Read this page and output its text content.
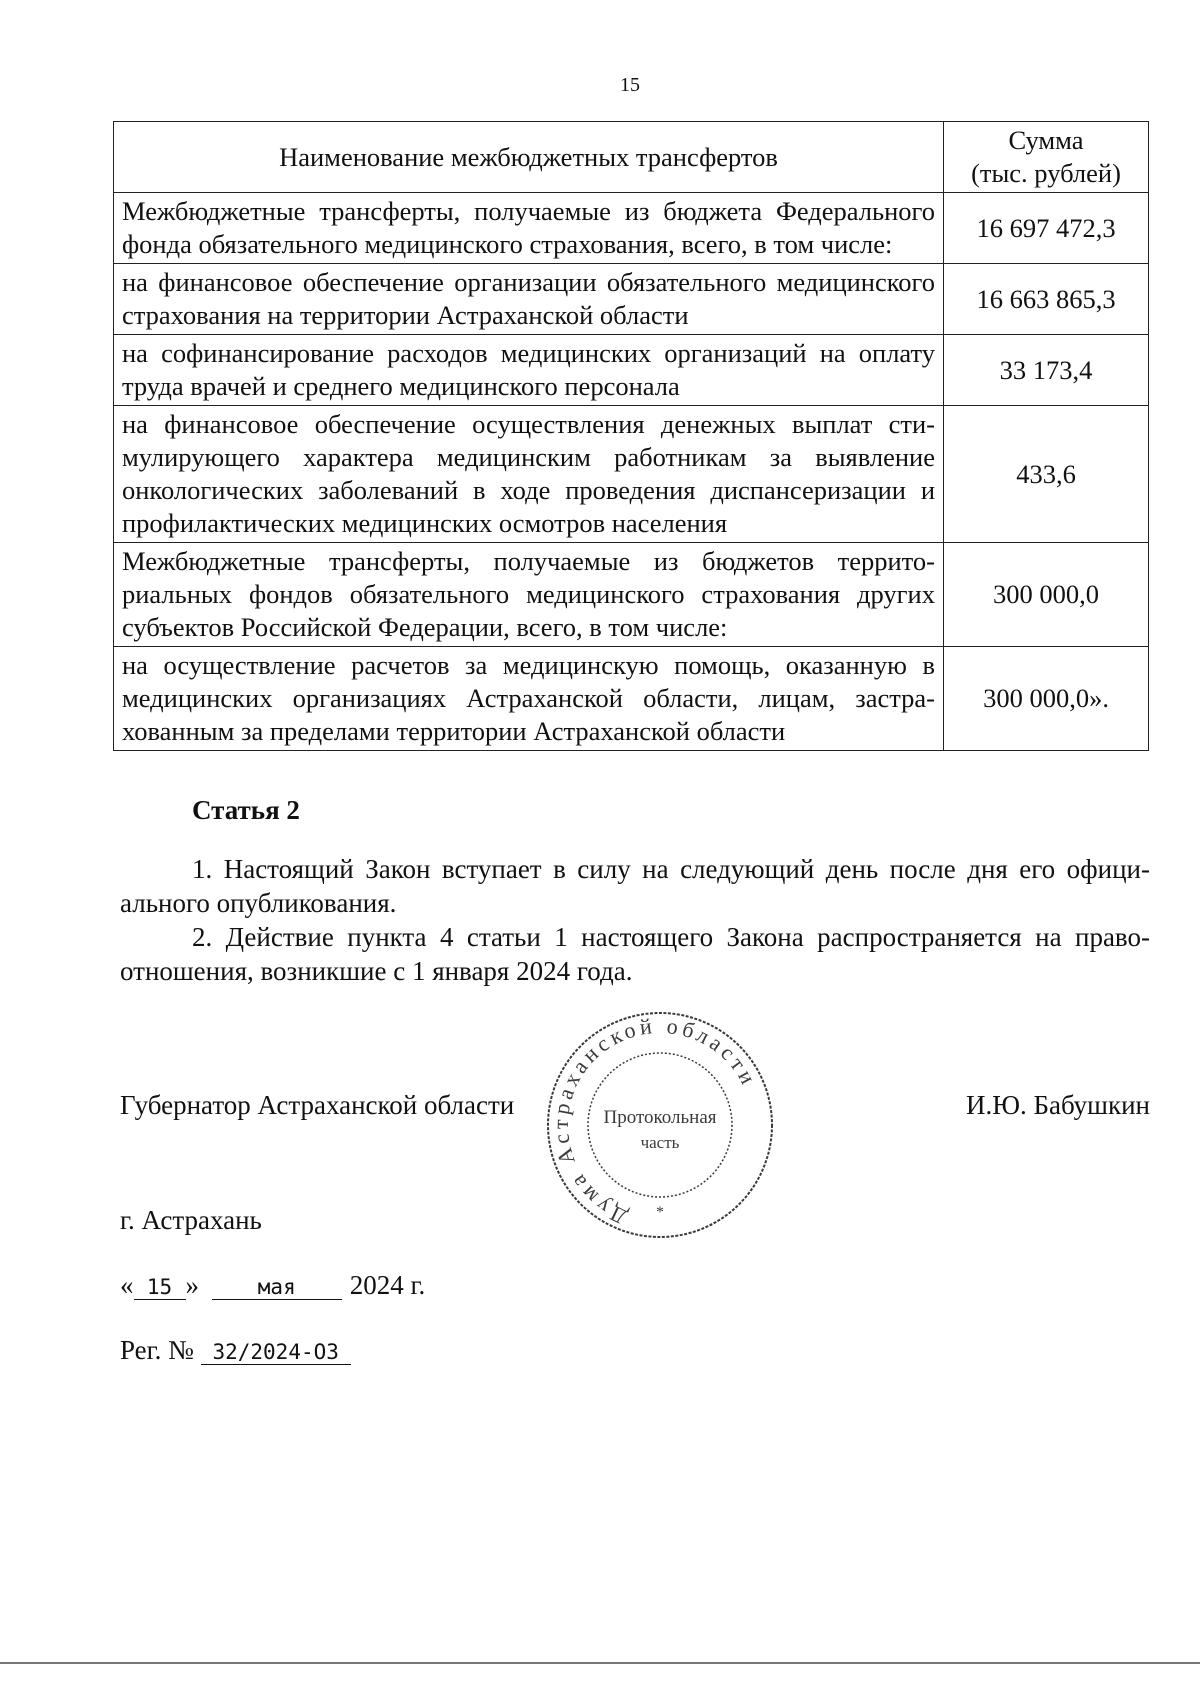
15
Наименование межбюджетных трансфертов	Сумма
(тыс. рублей)

Межбюджетные трансферты, получаемые из бюджета Федерального фонда обязательного медицинского страхования, всего, в том числе:	16 697 472,3
на финансовое обеспечение организации обязательного медицинского страхования на территории Астраханской области	16 663 865,3
на софинансирование расходов медицинских организаций на оплату труда врачей и среднего медицинского персонала	33 173,4
на финансовое обеспечение осуществления денежных выплат стимулирующего характера медицинским работникам за выявление онкологических заболеваний в ходе проведения диспансеризации и профилактических медицинских осмотров населения	433,6
Межбюджетные трансферты, получаемые из бюджетов территориальных фондов обязательного медицинского страхования других субъектов Российской Федерации, всего, в том числе:	300 000,0
на осуществление расчетов за медицинскую помощь, оказанную в медицинских организациях Астраханской области, лицам, застрахованным за пределами территории Астраханской области	300 000,0».
Статья 2
1. Настоящий Закон вступает в силу на следующий день после дня его официального опубликования.
2. Действие пункта 4 статьи 1 настоящего Закона распространяется на правоотношения, возникшие с 1 января 2024 года.
Губернатор Астраханской области	И.Ю. Бабушкин
Дума Астраханской области
Протокольная
часть
*
г. Астрахань
« 15 »	мая 2024 г.
Рег. № 32/2024-ОЗ
